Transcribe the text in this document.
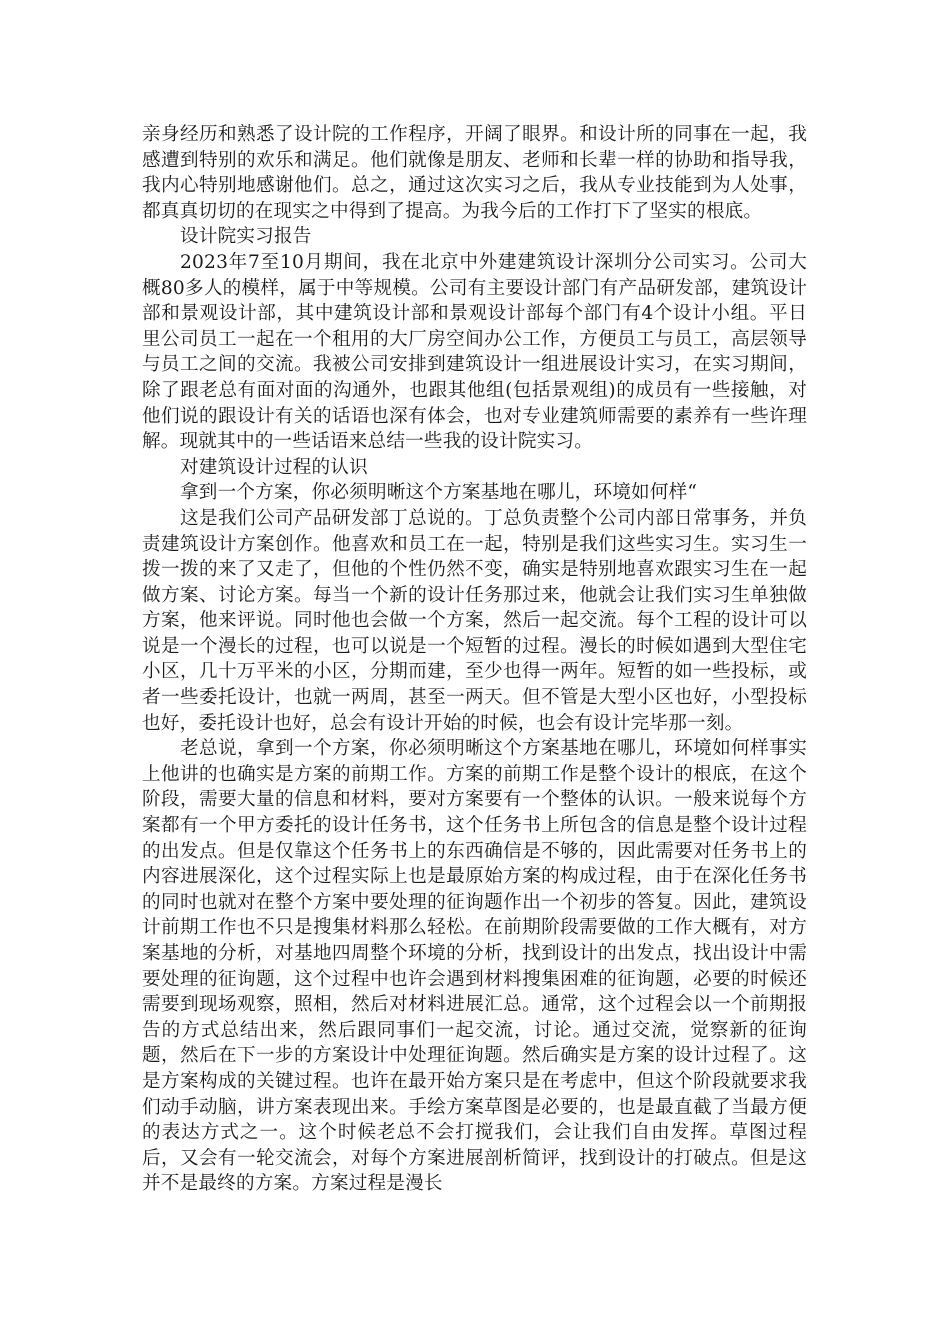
亲身经历和熟悉了设计院的工作程序，开阔了眼界。和设计所的同事在一起，我感遭到特别的欢乐和满足。他们就像是朋友、老师和长辈一样的协助和指导我，我内心特别地感谢他们。总之，通过这次实习之后，我从专业技能到为人处事，都真真切切的在现实之中得到了提高。为我今后的工作打下了坚实的根底。

设计院实习报告

2023年7至10月期间，我在北京中外建建筑设计深圳分公司实习。公司大概80多人的模样，属于中等规模。公司有主要设计部门有产品研发部，建筑设计部和景观设计部，其中建筑设计部和景观设计部每个部门有4个设计小组。平日里公司员工一起在一个租用的大厂房空间办公工作，方便员工与员工，高层领导与员工之间的交流。我被公司安排到建筑设计一组进展设计实习，在实习期间，除了跟老总有面对面的沟通外，也跟其他组(包括景观组)的成员有一些接触，对他们说的跟设计有关的话语也深有体会，也对专业建筑师需要的素养有一些许理解。现就其中的一些话语来总结一些我的设计院实习。

对建筑设计过程的认识

拿到一个方案，你必须明晰这个方案基地在哪儿，环境如何样“

这是我们公司产品研发部丁总说的。丁总负责整个公司内部日常事务，并负责建筑设计方案创作。他喜欢和员工在一起，特别是我们这些实习生。实习生一拨一拨的来了又走了，但他的个性仍然不变，确实是特别地喜欢跟实习生在一起做方案、讨论方案。每当一个新的设计任务那过来，他就会让我们实习生单独做方案，他来评说。同时他也会做一个方案，然后一起交流。每个工程的设计可以说是一个漫长的过程，也可以说是一个短暂的过程。漫长的时候如遇到大型住宅小区，几十万平米的小区，分期而建，至少也得一两年。短暂的如一些投标，或者一些委托设计，也就一两周，甚至一两天。但不管是大型小区也好，小型投标也好，委托设计也好，总会有设计开始的时候，也会有设计完毕那一刻。

老总说，拿到一个方案，你必须明晰这个方案基地在哪儿，环境如何样事实上他讲的也确实是方案的前期工作。方案的前期工作是整个设计的根底，在这个阶段，需要大量的信息和材料，要对方案要有一个整体的认识。一般来说每个方案都有一个甲方委托的设计任务书，这个任务书上所包含的信息是整个设计过程的出发点。但是仅靠这个任务书上的东西确信是不够的，因此需要对任务书上的内容进展深化，这个过程实际上也是最原始方案的构成过程，由于在深化任务书的同时也就对在整个方案中要处理的征询题作出一个初步的答复。因此，建筑设计前期工作也不只是搜集材料那么轻松。在前期阶段需要做的工作大概有，对方案基地的分析，对基地四周整个环境的分析，找到设计的出发点，找出设计中需要处理的征询题，这个过程中也许会遇到材料搜集困难的征询题，必要的时候还需要到现场观察，照相，然后对材料进展汇总。通常，这个过程会以一个前期报告的方式总结出来，然后跟同事们一起交流，讨论。通过交流，觉察新的征询题，然后在下一步的方案设计中处理征询题。然后确实是方案的设计过程了。这是方案构成的关键过程。也许在最开始方案只是在考虑中，但这个阶段就要求我们动手动脑，讲方案表现出来。手绘方案草图是必要的，也是最直截了当最方便的表达方式之一。这个时候老总不会打搅我们，会让我们自由发挥。草图过程后，又会有一轮交流会，对每个方案进展剖析简评，找到设计的打破点。但是这并不是最终的方案。方案过程是漫长
